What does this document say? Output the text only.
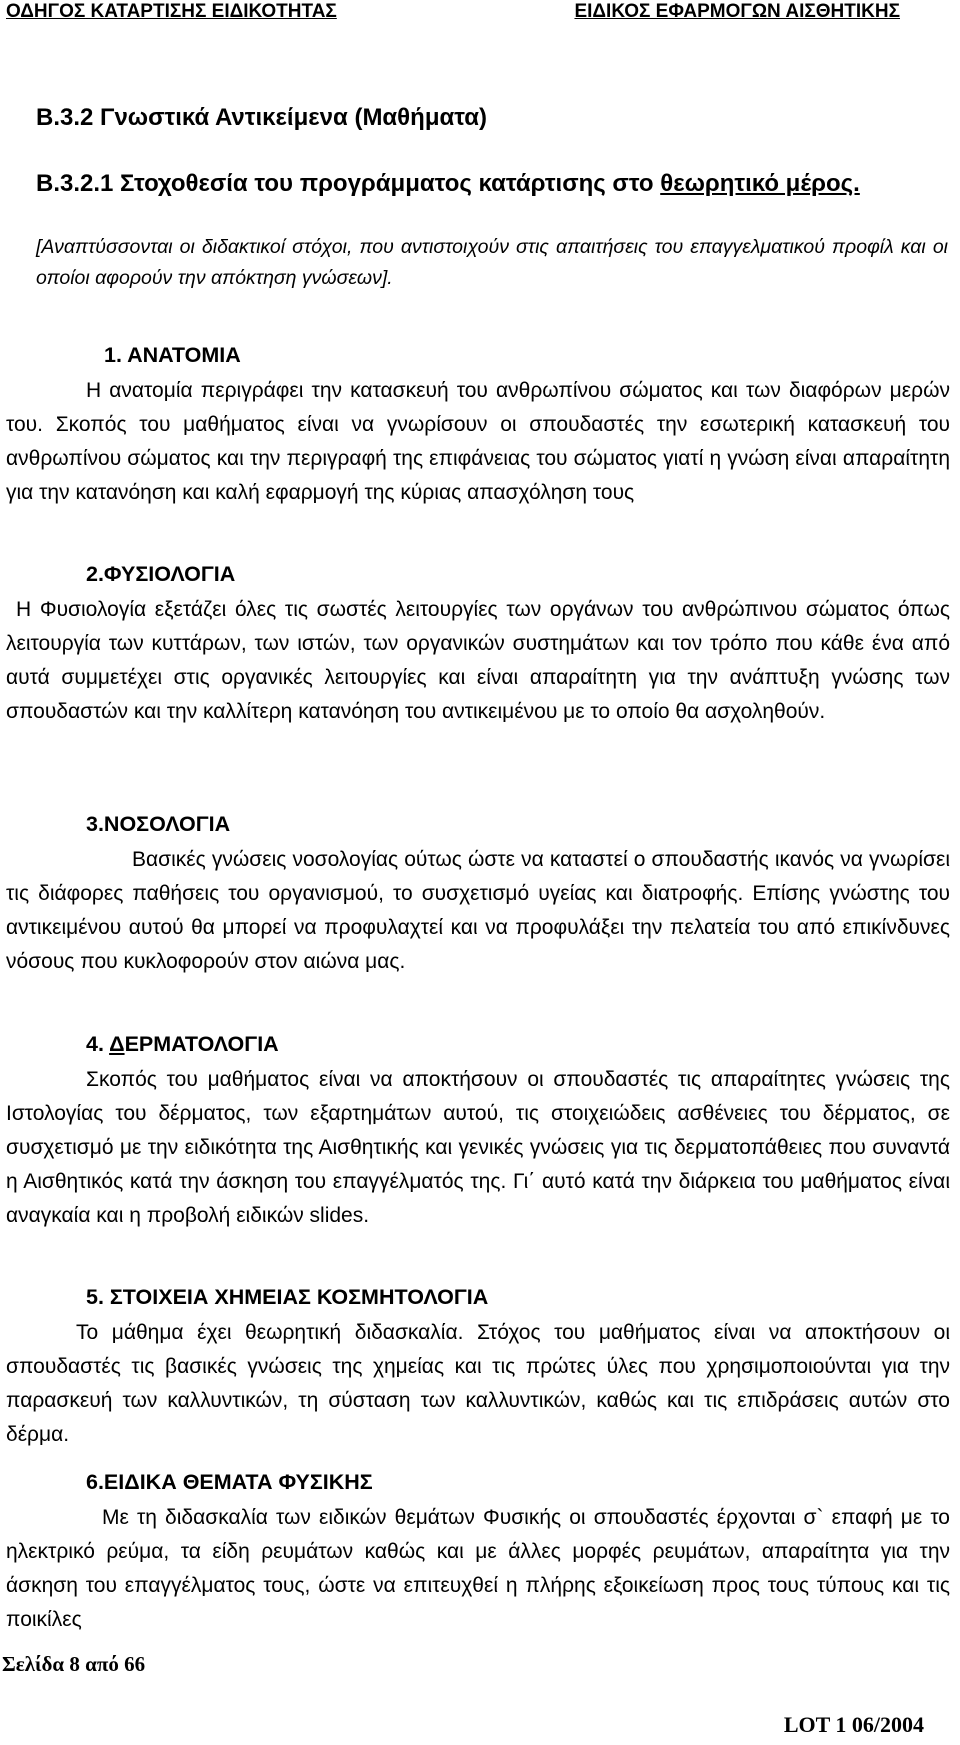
ΟΔΗΓΟΣ ΚΑΤΑΡΤΙΣΗΣ ΕΙΔΙΚΟΤΗΤΑΣ	ΕΙΔΙΚΟΣ ΕΦΑΡΜΟΓΩΝ ΑΙΣΘΗΤΙΚΗΣ
Β.3.2 Γνωστικά Αντικείμενα (Μαθήματα)
Β.3.2.1 Στοχοθεσία του προγράμματος κατάρτισης στο θεωρητικό μέρος.
[Αναπτύσσονται οι διδακτικοί στόχοι, που αντιστοιχούν στις απαιτήσεις του επαγγελματικού προφίλ και οι οποίοι αφορούν την απόκτηση γνώσεων].
1. ΑΝΑΤΟΜΙΑ
Η ανατομία περιγράφει την κατασκευή του ανθρωπίνου σώματος και των διαφόρων μερών του. Σκοπός του μαθήματος είναι να γνωρίσουν οι σπουδαστές την εσωτερική κατασκευή του ανθρωπίνου σώματος και την περιγραφή της επιφάνειας του σώματος γιατί η γνώση είναι απαραίτητη για την κατανόηση και καλή εφαρμογή της κύριας απασχόληση τους
2.ΦΥΣΙΟΛΟΓΙΑ
Η Φυσιολογία εξετάζει όλες τις σωστές λειτουργίες των οργάνων του ανθρώπινου σώματος όπως λειτουργία των κυττάρων, των ιστών, των οργανικών συστημάτων και τον τρόπο που κάθε ένα από αυτά συμμετέχει στις οργανικές λειτουργίες και είναι απαραίτητη για την ανάπτυξη γνώσης των σπουδαστών και την καλλίτερη κατανόηση του αντικειμένου με το οποίο θα ασχοληθούν.
3.ΝΟΣΟΛΟΓΙΑ
Βασικές γνώσεις νοσολογίας ούτως ώστε να καταστεί ο σπουδαστής ικανός να γνωρίσει τις διάφορες παθήσεις του οργανισμού, το συσχετισμό υγείας και διατροφής. Επίσης γνώστης του αντικειμένου αυτού θα μπορεί να προφυλαχτεί και να προφυλάξει την πελατεία του από επικίνδυνες νόσους που κυκλοφορούν στον αιώνα μας.
4. ΔΕΡΜΑΤΟΛΟΓΙΑ
Σκοπός του μαθήματος είναι να αποκτήσουν οι σπουδαστές τις απαραίτητες γνώσεις της Ιστολογίας του δέρματος, των εξαρτημάτων αυτού, τις στοιχειώδεις ασθένειες του δέρματος, σε συσχετισμό με την ειδικότητα της Αισθητικής και γενικές γνώσεις για τις δερματοπάθειες που συναντά η Αισθητικός κατά την άσκηση του επαγγέλματός της. Γι΄ αυτό κατά την διάρκεια του μαθήματος είναι αναγκαία και η προβολή ειδικών slides.
5. ΣΤΟΙΧΕΙΑ ΧΗΜΕΙΑΣ ΚΟΣΜΗΤΟΛΟΓΙΑ
Το μάθημα έχει θεωρητική διδασκαλία. Στόχος του μαθήματος είναι να αποκτήσουν οι σπουδαστές τις βασικές γνώσεις της χημείας και τις πρώτες ύλες που χρησιμοποιούνται για την παρασκευή των καλλυντικών, τη σύσταση των καλλυντικών, καθώς και τις επιδράσεις αυτών στο δέρμα.
6.ΕΙΔΙΚΑ ΘΕΜΑΤΑ ΦΥΣΙΚΗΣ
Με τη διδασκαλία των ειδικών θεμάτων Φυσικής οι σπουδαστές έρχονται σ` επαφή με το ηλεκτρικό ρεύμα, τα είδη ρευμάτων καθώς και με άλλες μορφές ρευμάτων, απαραίτητα για την άσκηση του επαγγέλματος τους, ώστε να επιτευχθεί η πλήρης εξοικείωση προς τους τύπους και τις ποικίλες
Σελίδα 8 από 66
LOT 1 06/2004
